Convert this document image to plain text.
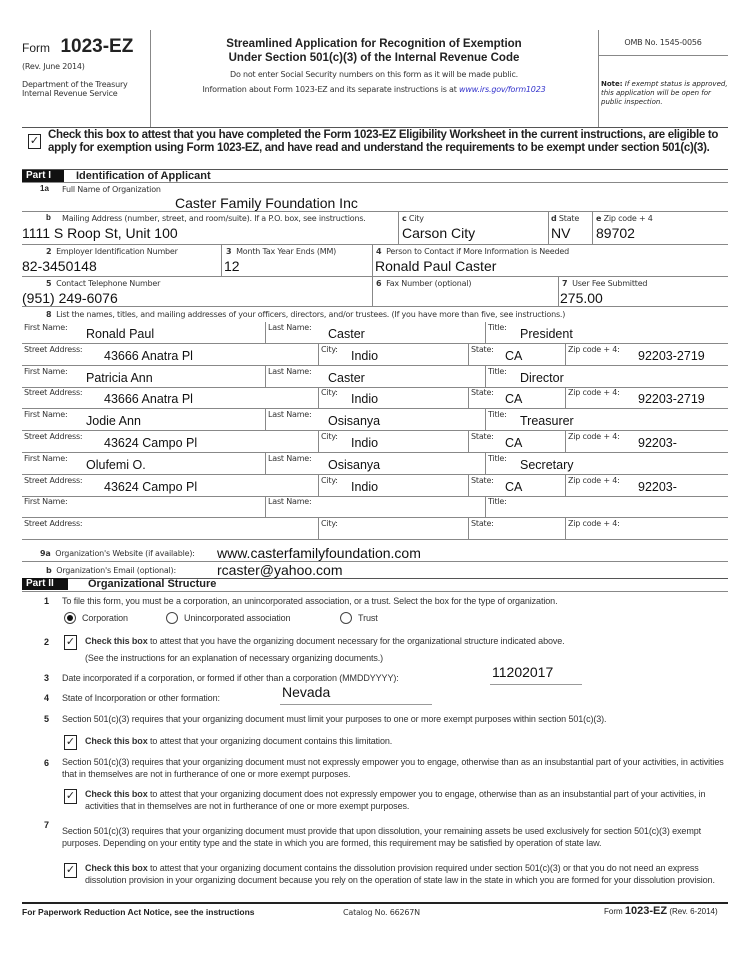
Form 1023-EZ
(Rev. June 2014)
Department of the Treasury
Internal Revenue Service
Streamlined Application for Recognition of Exemption
Under Section 501(c)(3) of the Internal Revenue Code
Do not enter Social Security numbers on this form as it will be made public.
Information about Form 1023-EZ and its separate instructions is at www.irs.gov/form1023
OMB No. 1545-0056
Note: If exempt status is approved, this application will be open for public inspection.
✓ Check this box to attest that you have completed the Form 1023-EZ Eligibility Worksheet in the current instructions, are eligible to apply for exemption using Form 1023-EZ, and have read and understand the requirements to be exempt under section 501(c)(3).
Part I	Identification of Applicant
1a Full Name of Organization
Caster Family Foundation Inc
b Mailing Address (number, street, and room/suite). If a P.O. box, see instructions.
1111 S Roop St, Unit 100
c City
Carson City
d State
NV
e Zip code + 4
89702
2 Employer Identification Number
82-3450148
3 Month Tax Year Ends (MM)
12
4 Person to Contact if More Information is Needed
Ronald Paul Caster
5 Contact Telephone Number
(951) 249-6076
6 Fax Number (optional)	7 User Fee Submitted
275.00
8 List the names, titles, and mailing addresses of your officers, directors, and/or trustees. (If you have more than five, see instructions.)
First Name: Ronald Paul	Last Name: Caster	Title: President
Street Address: 43666 Anatra Pl	City: Indio	State: CA	Zip code + 4: 92203-2719
First Name: Patricia Ann	Last Name: Caster	Title: Director
Street Address: 43666 Anatra Pl	City: Indio	State: CA	Zip code + 4: 92203-2719
First Name: Jodie Ann	Last Name: Osisanya	Title: Treasurer
Street Address: 43624 Campo Pl	City: Indio	State: CA	Zip code + 4: 92203-
First Name: Olufemi O.	Last Name: Osisanya	Title: Secretary
Street Address: 43624 Campo Pl	City: Indio	State: CA	Zip code + 4: 92203-
First Name:	Last Name:	Title:
Street Address:	City:	State:	Zip code + 4:
9a Organization's Website (if available): www.casterfamilyfoundation.com
b Organization's Email (optional):	rcaster@yahoo.com
Part II	Organizational Structure
1 To file this form, you must be a corporation, an unincorporated association, or a trust. Select the box for the type of organization.
Corporation	Unincorporated association	Trust
2 ✓ Check this box to attest that you have the organizing document necessary for the organizational structure indicated above.
(See the instructions for an explanation of necessary organizing documents.)
3 Date incorporated if a corporation, or formed if other than a corporation (MMDDYYYY):	11202017
4 State of Incorporation or other formation:	Nevada
5 Section 501(c)(3) requires that your organizing document must limit your purposes to one or more exempt purposes within section 501(c)(3).
✓ Check this box to attest that your organizing document contains this limitation.
6 Section 501(c)(3) requires that your organizing document must not expressly empower you to engage, otherwise than as an insubstantial part of your activities, in activities that in themselves are not in furtherance of one or more exempt purposes.
✓ Check this box to attest that your organizing document does not expressly empower you to engage, otherwise than as an insubstantial part of your activities, in activities that in themselves are not in furtherance of one or more exempt purposes.
7
Section 501(c)(3) requires that your organizing document must provide that upon dissolution, your remaining assets be used exclusively for section 501(c)(3) exempt purposes. Depending on your entity type and the state in which you are formed, this requirement may be satisfied by operation of state law.
✓ Check this box to attest that your organizing document contains the dissolution provision required under section 501(c)(3) or that you do not need an express dissolution provision in your organizing document because you rely on the operation of state law in the state in which you are formed for your dissolution provision.
For Paperwork Reduction Act Notice, see the instructions	Catalog No. 66267N	Form 1023-EZ (Rev. 6-2014)
